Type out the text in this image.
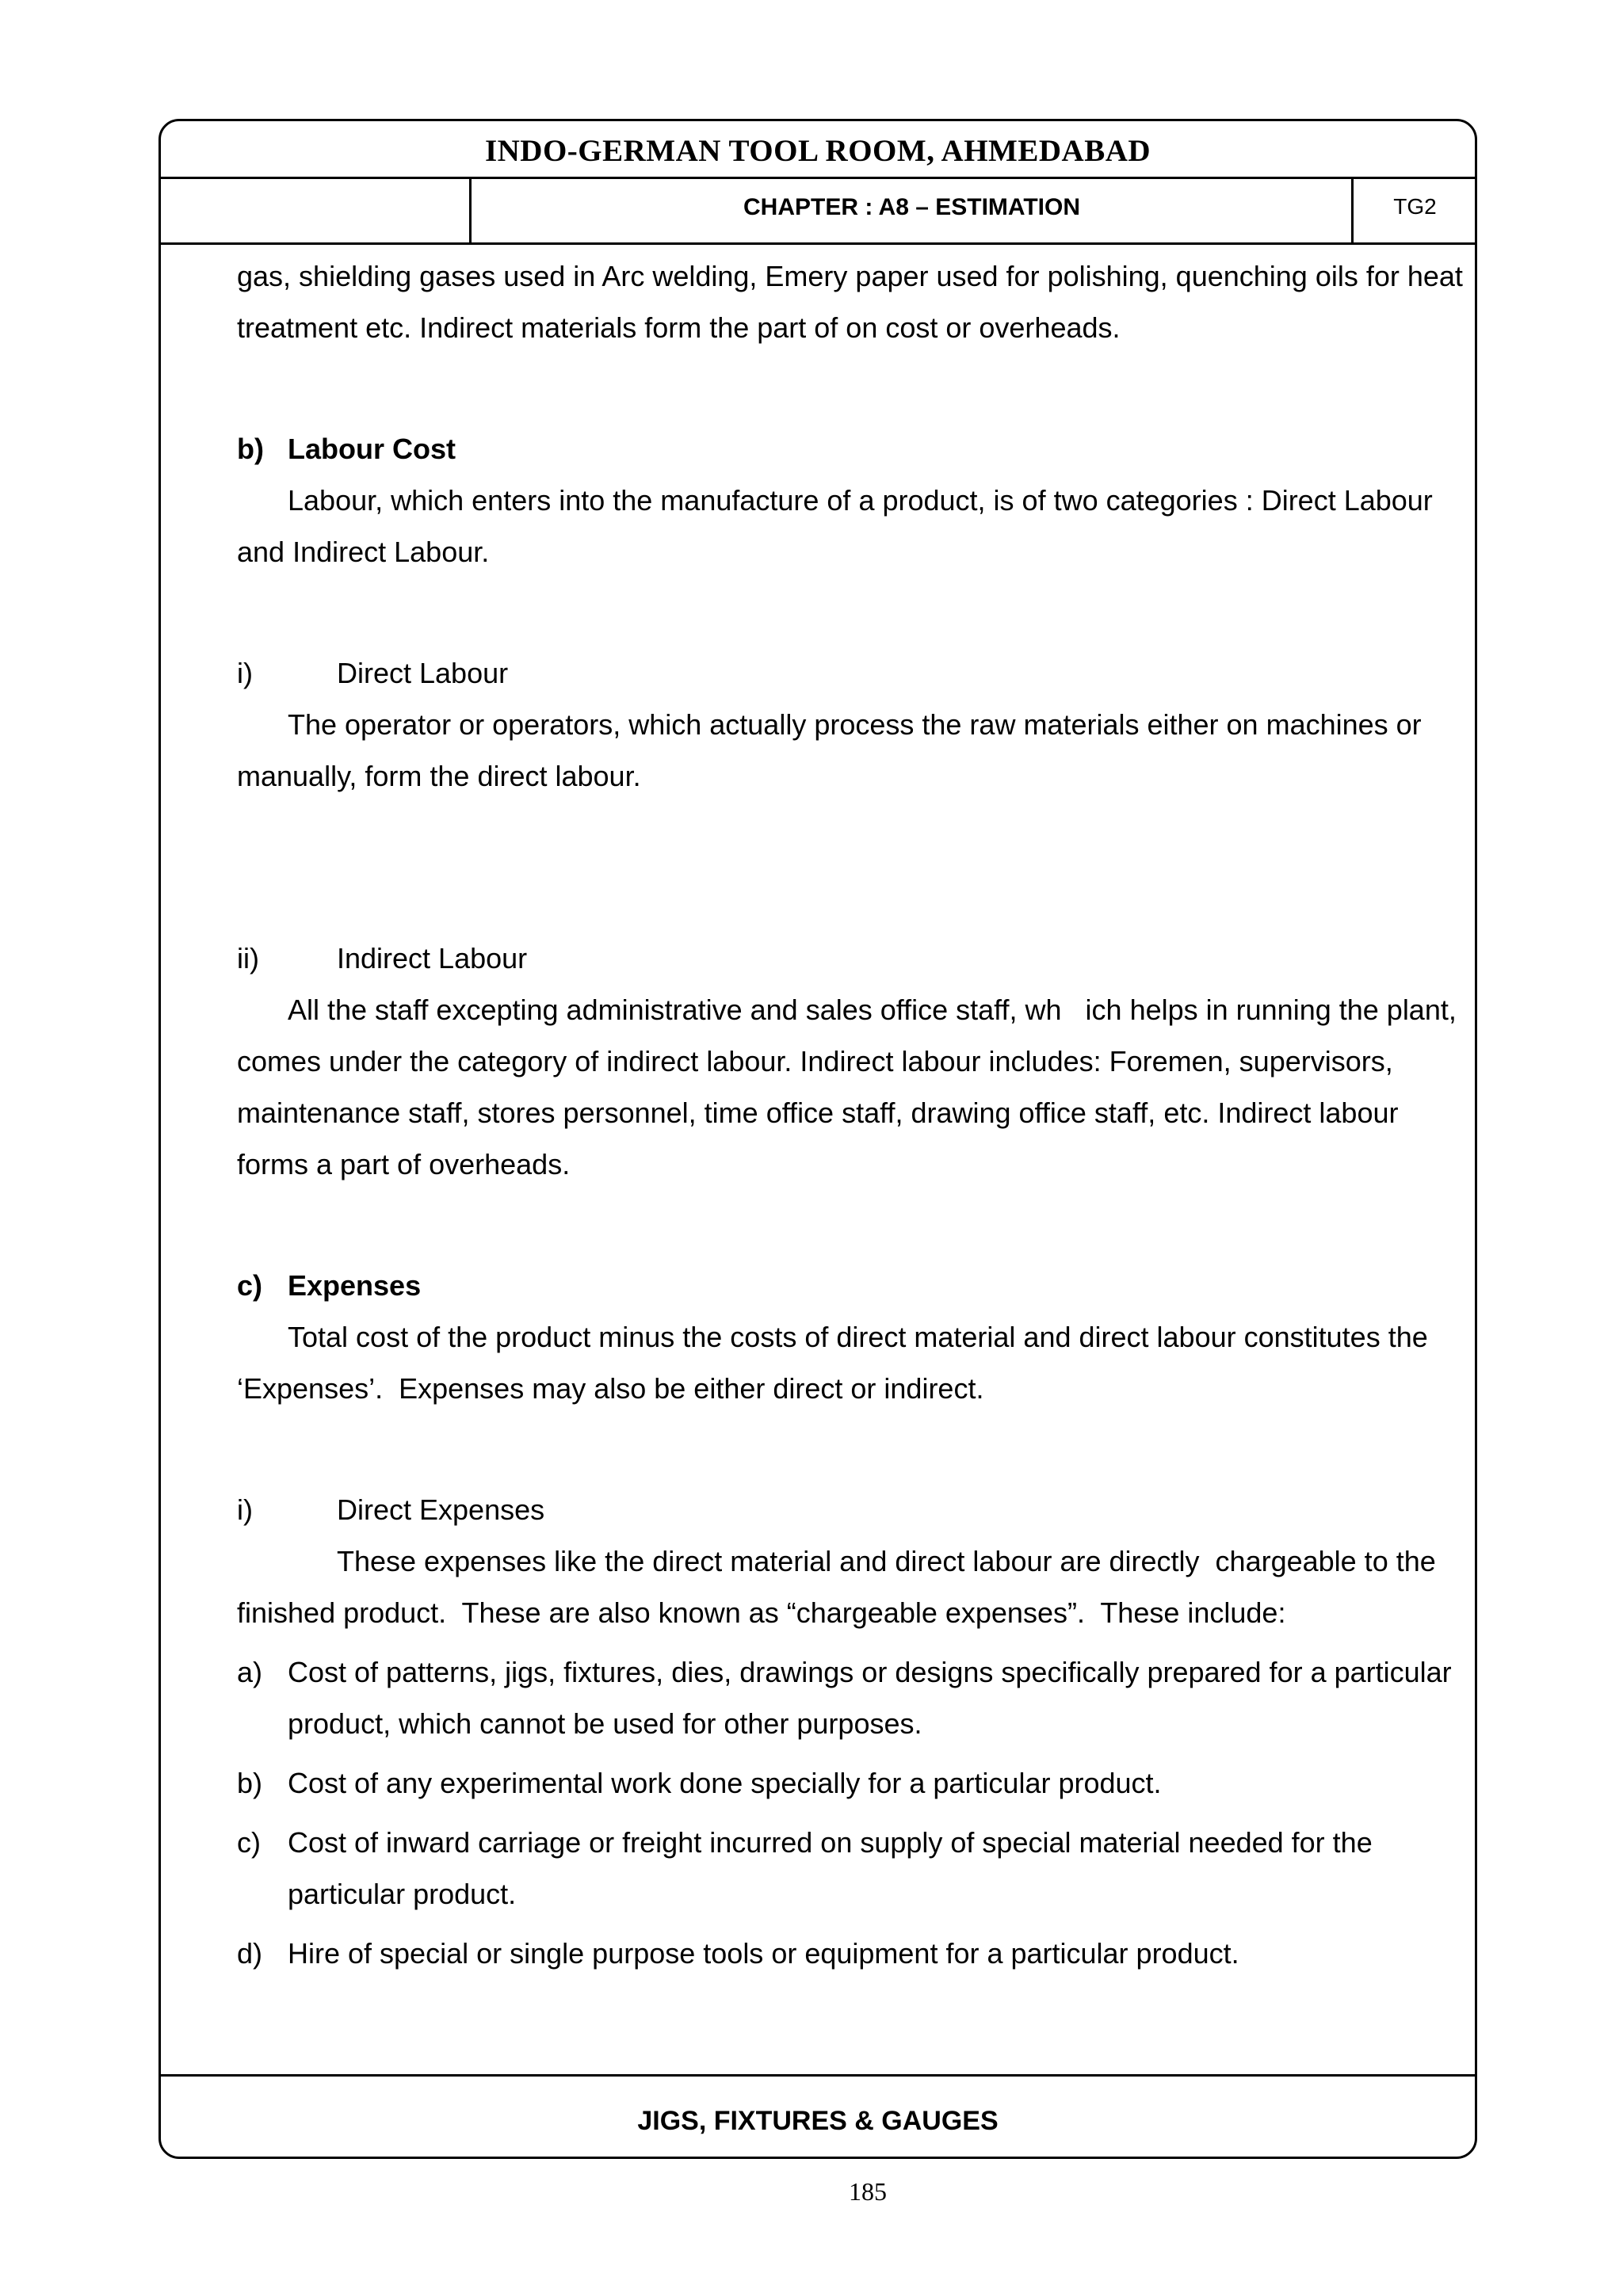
INDO-GERMAN TOOL ROOM, AHMEDABAD
CHAPTER : A8 – ESTIMATION	TG2

gas, shielding gases used in Arc welding, Emery paper used for polishing, quenching oils for heat treatment etc. Indirect materials form the part of on cost or overheads.

b) Labour Cost

Labour, which enters into the manufacture of a product, is of two categories : Direct Labour and Indirect Labour.

i)	Direct Labour

The operator or operators, which actually process the raw materials either on machines or manually, form the direct labour.

ii)	Indirect Labour

All the staff excepting administrative and sales office staff, wh   ich helps in running the plant, comes under the category of indirect labour. Indirect labour includes: Foremen, supervisors, maintenance staff, stores personnel, time office staff, drawing office staff, etc. Indirect labour forms a part of overheads.

c) Expenses

Total cost of the product minus the costs of direct material and direct labour constitutes the ‘Expenses’.  Expenses may also be either direct or indirect.

i)	Direct Expenses

These expenses like the direct material and direct labour are directly  chargeable to the finished product.  These are also known as “chargeable expenses”.  These include:

a) Cost of patterns, jigs, fixtures, dies, drawings or designs specifically prepared for a particular product, which cannot be used for other purposes.
b) Cost of any experimental work done specially for a particular product.
c) Cost of inward carriage or freight incurred on supply of special material needed for the particular product.
d) Hire of special or single purpose tools or equipment for a particular product.
JIGS, FIXTURES & GAUGES
185
